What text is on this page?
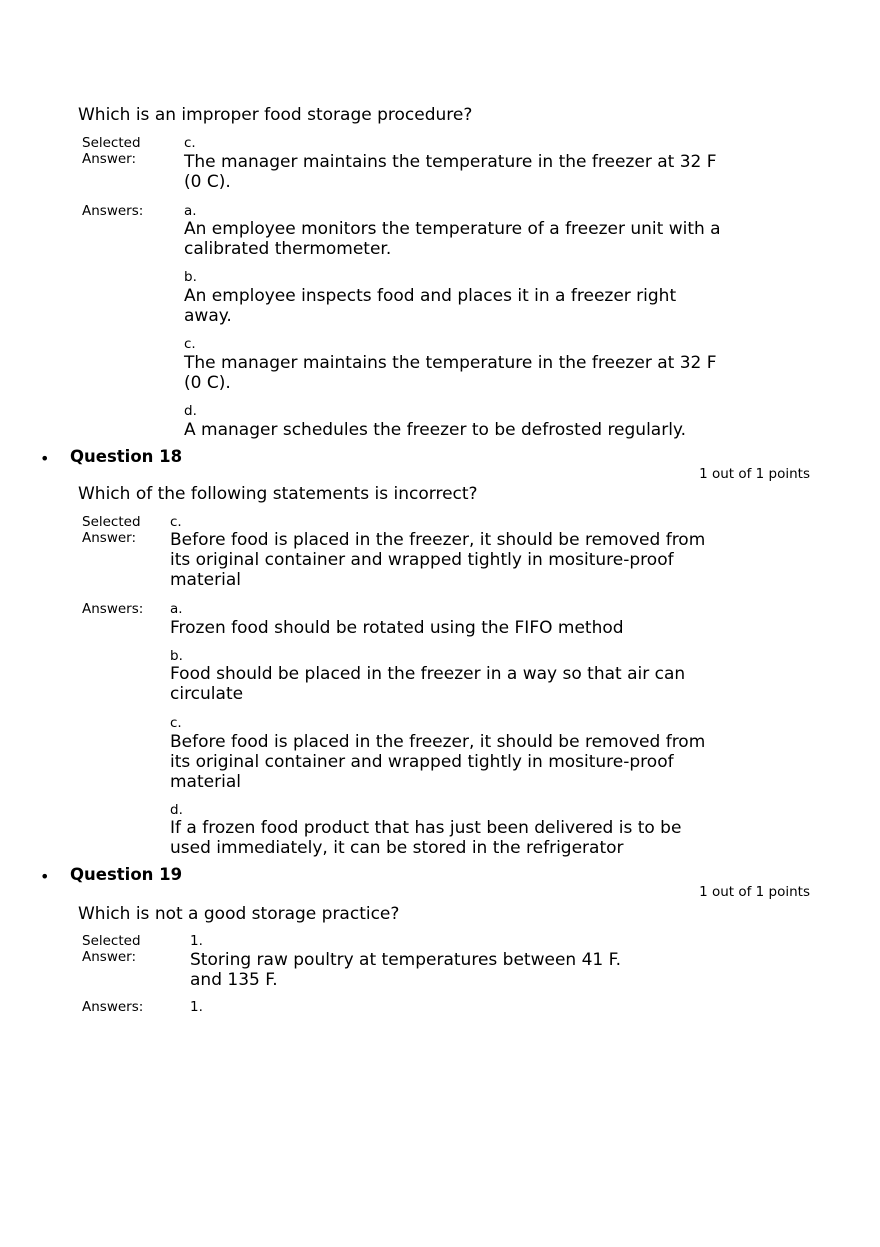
Which is an improper food storage procedure?

Selected Answer:
c.
The manager maintains the temperature in the freezer at 32 F (0 C).
Answers:	a.
An employee monitors the temperature of a freezer unit with a calibrated thermometer.
b.
An employee inspects food and places it in a freezer right away.
c.
The manager maintains the temperature in the freezer at 32 F (0 C).
d.
A manager schedules the freezer to be defrosted regularly.
• Question 18
1 out of 1 points

Which of the following statements is incorrect?

Selected Answer:
c.
Before food is placed in the freezer, it should be removed from its original container and wrapped tightly in mositure-proof material
Answers:	a.
Frozen food should be rotated using the FIFO method
b.
Food should be placed in the freezer in a way so that air can circulate
c.
Before food is placed in the freezer, it should be removed from its original container and wrapped tightly in mositure-proof material
d.
If a frozen food product that has just been delivered is to be used immediately, it can be stored in the refrigerator
• Question 19
1 out of 1 points

Which is not a good storage practice?

Selected Answer:
1.
Storing raw poultry at temperatures between 41 F. and 135 F.
Answers:	1.
